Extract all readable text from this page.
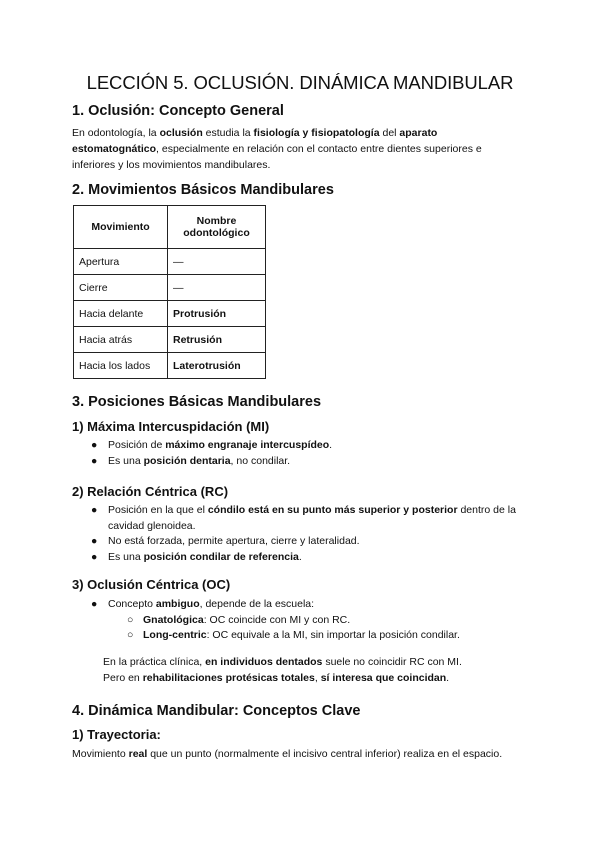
LECCIÓN 5. OCLUSIÓN. DINÁMICA MANDIBULAR
1. Oclusión: Concepto General

En odontología, la oclusión estudia la fisiología y fisiopatología del aparato estomatognático, especialmente en relación con el contacto entre dientes superiores e inferiores y los movimientos mandibulares.

2. Movimientos Básicos Mandibulares
Movimiento	Nombre odontológico
Apertura	—
Cierre	—
Hacia delante	Protrusión
Hacia atrás	Retrusión
Hacia los lados	Laterotrusión
3. Posiciones Básicas Mandibulares
1) Máxima Intercuspidación (MI)
● Posición de máximo engranaje intercuspídeo.
● Es una posición dentaria, no condilar.
2) Relación Céntrica (RC)
● Posición en la que el cóndilo está en su punto más superior y posterior dentro de la cavidad glenoidea.
● No está forzada, permite apertura, cierre y lateralidad.
● Es una posición condilar de referencia.
3) Oclusión Céntrica (OC)
● Concepto ambiguo, depende de la escuela:
○ Gnatológica: OC coincide con MI y con RC.
○ Long-centric: OC equivale a la MI, sin importar la posición condilar.

En la práctica clínica, en individuos dentados suele no coincidir RC con MI.
Pero en rehabilitaciones protésicas totales, sí interesa que coincidan.

4. Dinámica Mandibular: Conceptos Clave
1) Trayectoria:

Movimiento real que un punto (normalmente el incisivo central inferior) realiza en el espacio.
